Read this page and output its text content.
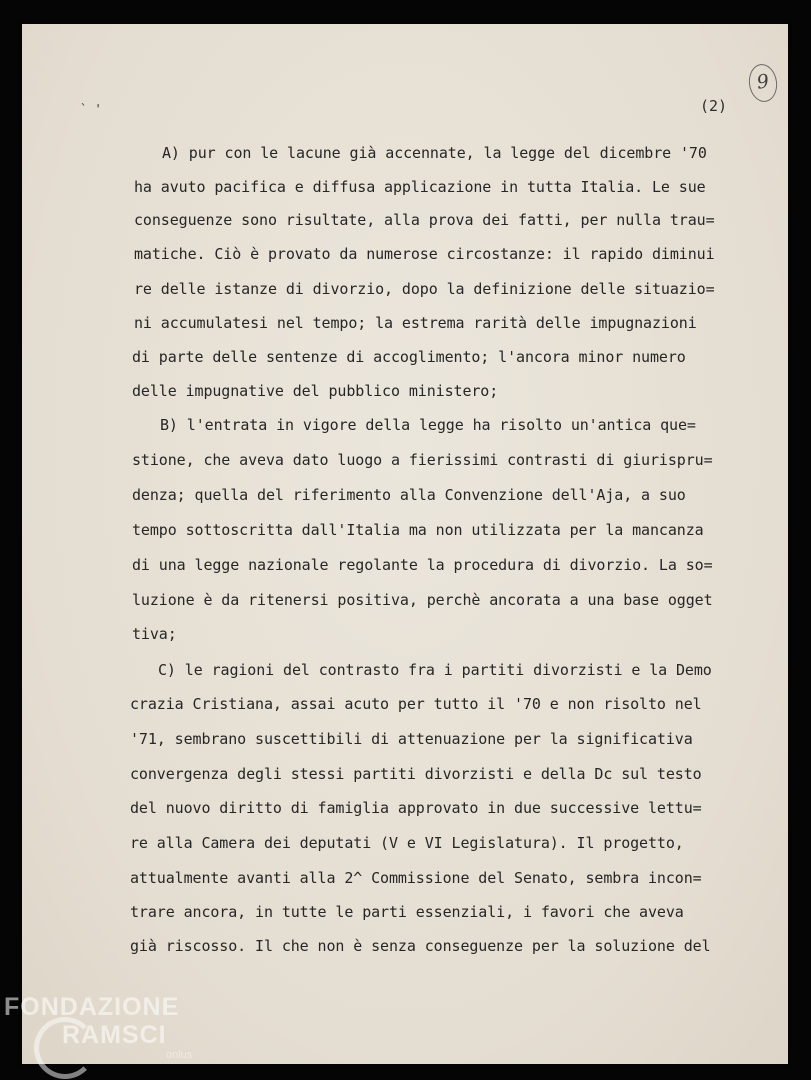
9
` '	(2)
A) pur con le lacune già accennate, la legge del dicembre '70
ha avuto pacifica e diffusa applicazione in tutta Italia. Le sue
conseguenze sono risultate, alla prova dei fatti, per nulla trau=
matiche. Ciò è provato da numerose circostanze: il rapido diminui
re delle istanze di divorzio, dopo la definizione delle situazio=
ni accumulatesi nel tempo; la estrema rarità delle impugnazioni
di parte delle sentenze di accoglimento; l'ancora minor numero
delle impugnative del pubblico ministero;
B) l'entrata in vigore della legge ha risolto un'antica que=
stione, che aveva dato luogo a fierissimi contrasti di giurispru=
denza; quella del riferimento alla Convenzione dell'Aja, a suo
tempo sottoscritta dall'Italia ma non utilizzata per la mancanza
di una legge nazionale regolante la procedura di divorzio. La so=
luzione è da ritenersi positiva, perchè ancorata a una base ogget
tiva;
C) le ragioni del contrasto fra i partiti divorzisti e la Demo
crazia Cristiana, assai acuto per tutto il '70 e non risolto nel
'71, sembrano suscettibili di attenuazione per la significativa
convergenza degli stessi partiti divorzisti e della Dc sul testo
del nuovo diritto di famiglia approvato in due successive lettu=
re alla Camera dei deputati (V e VI Legislatura). Il progetto,
attualmente avanti alla 2^ Commissione del Senato, sembra incon=
trare ancora, in tutte le parti essenziali, i favori che aveva
già riscosso. Il che non è senza conseguenze per la soluzione del
FONDAZIONE
RAMSCI
onlus
